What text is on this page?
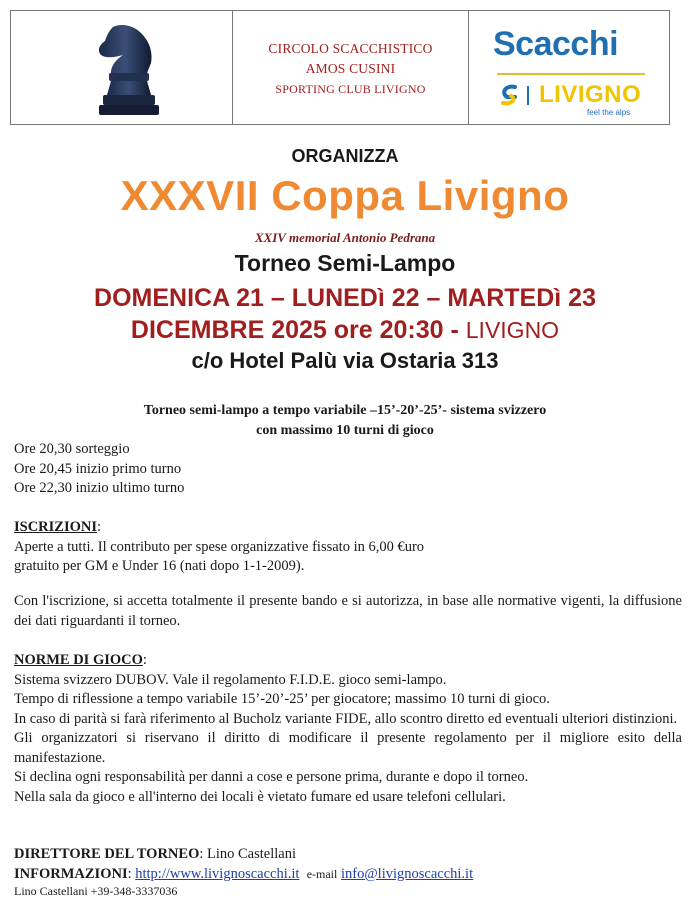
CIRCOLO SCACCHISTICO
AMOS CUSINI
SPORTING CLUB LIVIGNO
Scacchi
LIVIGNO
feel the alps
ORGANIZZA
XXXVII Coppa Livigno
XXIV memorial Antonio Pedrana
Torneo Semi-Lampo
DOMENICA 21 – LUNEDì 22 – MARTEDì 23
DICEMBRE 2025 ore 20:30 - LIVIGNO
c/o Hotel Palù via Ostaria 313
Torneo semi-lampo a tempo variabile –15’-20’-25’- sistema svizzero
con massimo 10 turni di gioco
Ore 20,30 sorteggio
Ore 20,45 inizio primo turno
Ore 22,30 inizio ultimo turno
ISCRIZIONI:
Aperte a tutti. Il contributo per spese organizzative fissato in 6,00 €uro
gratuito per GM e Under 16 (nati dopo 1-1-2009).
Con l'iscrizione, si accetta totalmente il presente bando e si autorizza, in base alle normative vigenti, la diffusione dei dati riguardanti il torneo.
NORME DI GIOCO:
Sistema svizzero DUBOV. Vale il regolamento F.I.D.E. gioco semi-lampo.
Tempo di riflessione a tempo variabile 15’-20’-25’ per giocatore; massimo 10 turni di gioco.
In caso di parità si farà riferimento al Bucholz variante FIDE, allo scontro diretto ed eventuali ulteriori distinzioni.
Gli organizzatori si riservano il diritto di modificare il presente regolamento per il migliore esito della manifestazione.
Si declina ogni responsabilità per danni a cose e persone prima, durante e dopo il torneo.
Nella sala da gioco e all'interno dei locali è vietato fumare ed usare telefoni cellulari.
DIRETTORE DEL TORNEO: Lino Castellani
INFORMAZIONI: http://www.livignoscacchi.it e-mail info@livignoscacchi.it
Lino Castellani +39-348-3337036
